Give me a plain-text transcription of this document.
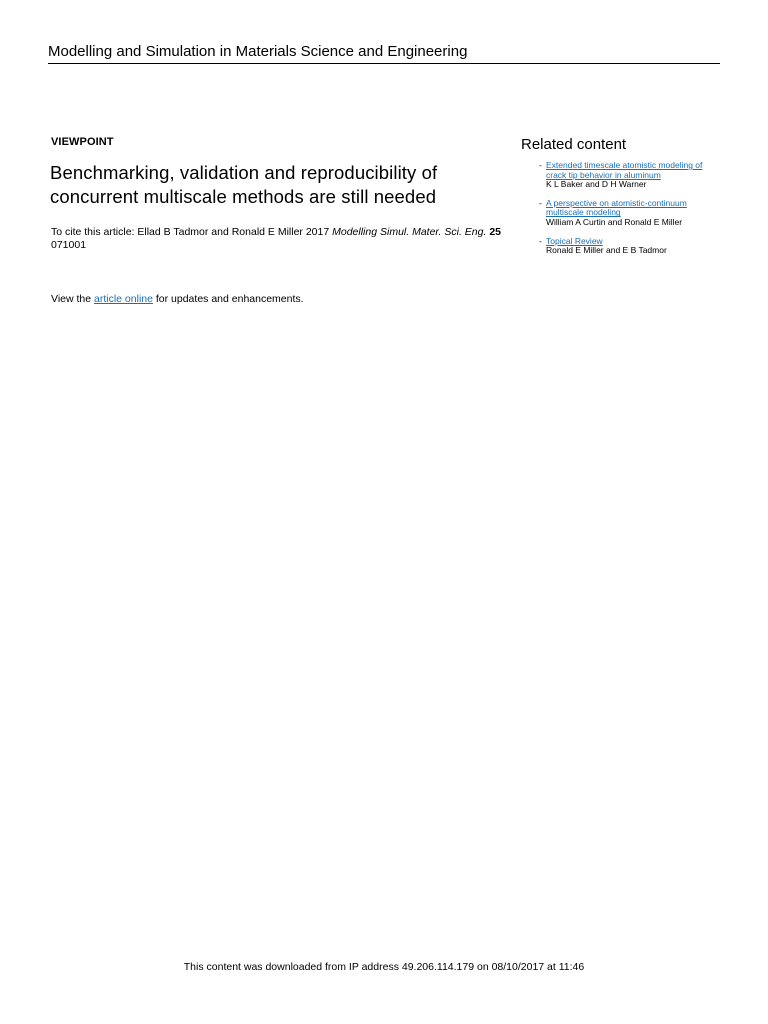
Modelling and Simulation in Materials Science and Engineering
VIEWPOINT
Benchmarking, validation and reproducibility of concurrent multiscale methods are still needed
To cite this article: Ellad B Tadmor and Ronald E Miller 2017 Modelling Simul. Mater. Sci. Eng. 25
071001
View the article online for updates and enhancements.
Related content
- Extended timescale atomistic modeling of crack tip behavior in aluminum
K L Baker and D H Warner
- A perspective on atomistic-continuum multiscale modeling
William A Curtin and Ronald E Miller
- Topical Review
Ronald E Miller and E B Tadmor
This content was downloaded from IP address 49.206.114.179 on 08/10/2017 at 11:46
